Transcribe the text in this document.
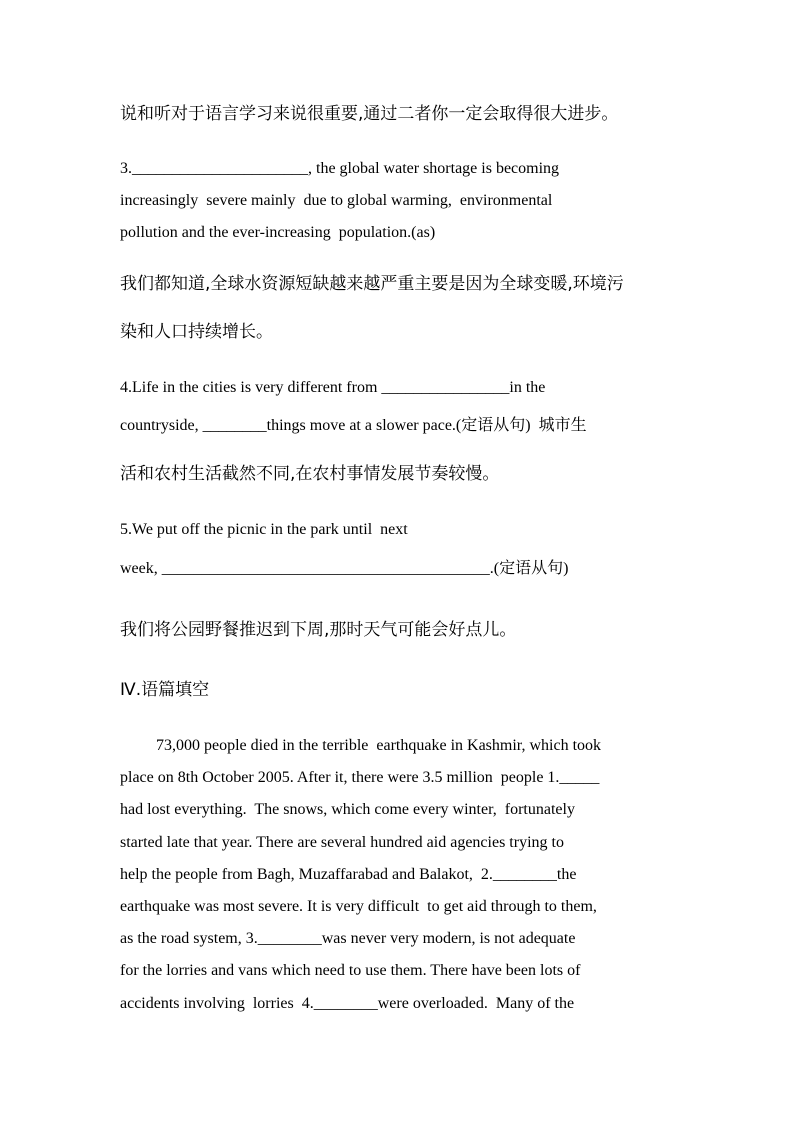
说和听对于语言学习来说很重要,通过二者你一定会取得很大进步。
3.______________________, the global water shortage is becoming
increasingly  severe mainly  due to global warming,  environmental
pollution and the ever-increasing  population.(as)
我们都知道,全球水资源短缺越来越严重主要是因为全球变暖,环境污
染和人口持续增长。
4.Life in the cities is very different from ________________in the
countryside, ________things move at a slower pace.(定语从句)  城市生
活和农村生活截然不同,在农村事情发展节奏较慢。
5.We put off the picnic in the park until  next
week, _________________________________________.(定语从句)
我们将公园野餐推迟到下周,那时天气可能会好点儿。
Ⅳ.语篇填空
73,000 people died in the terrible  earthquake in Kashmir, which took
place on 8th October 2005. After it, there were 3.5 million  people 1._____
had lost everything.  The snows, which come every winter,  fortunately
started late that year. There are several hundred aid agencies trying to
help the people from Bagh, Muzaffarabad and Balakot,  2.________the
earthquake was most severe. It is very difficult  to get aid through to them,
as the road system, 3.________was never very modern, is not adequate
for the lorries and vans which need to use them. There have been lots of
accidents involving  lorries  4.________were overloaded.  Many of the
